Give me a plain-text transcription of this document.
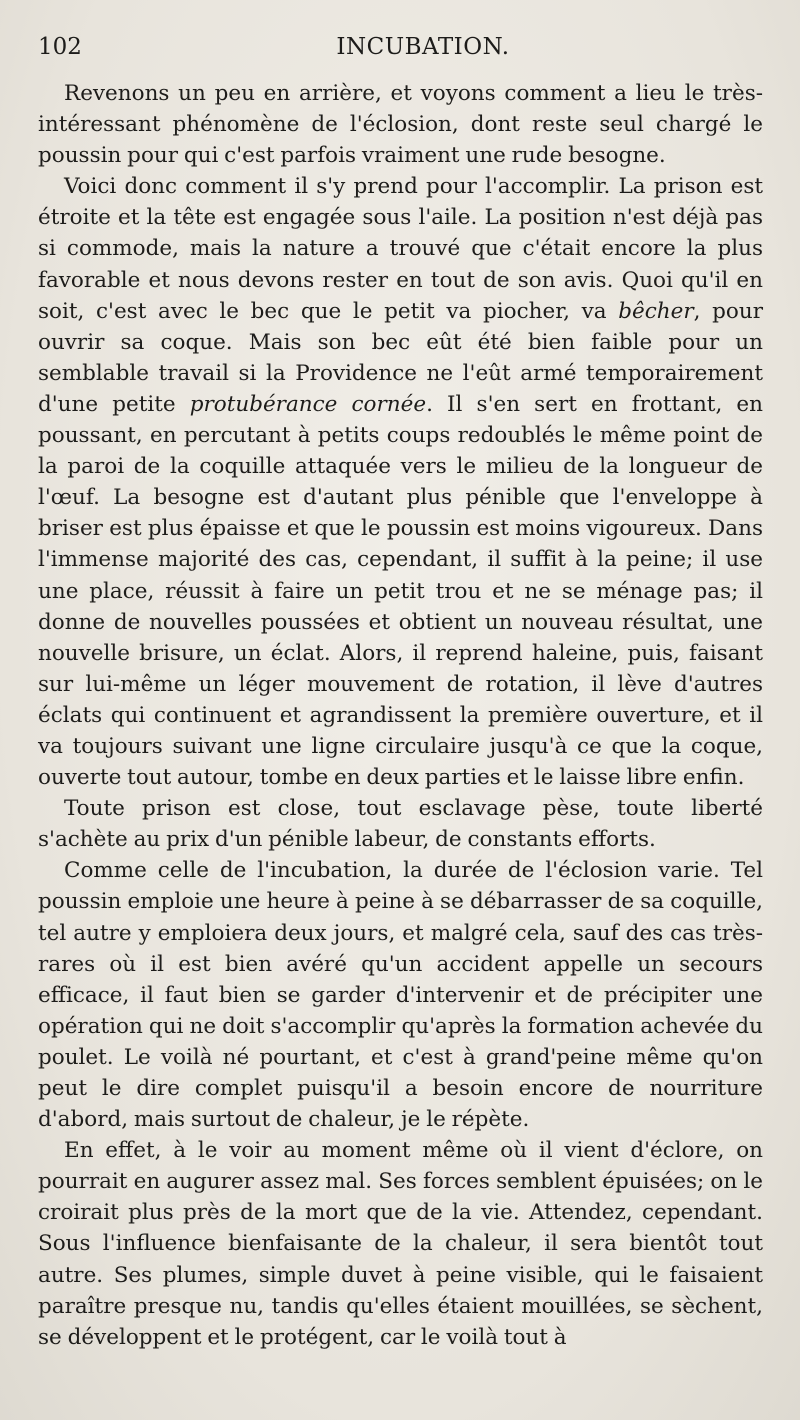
102	INCUBATION.

Revenons un peu en arrière, et voyons comment a lieu le très-intéressant phénomène de l'éclosion, dont reste seul chargé le poussin pour qui c'est parfois vraiment une rude besogne.

Voici donc comment il s'y prend pour l'accomplir. La prison est étroite et la tête est engagée sous l'aile. La position n'est déjà pas si commode, mais la nature a trouvé que c'était encore la plus favorable et nous devons rester en tout de son avis. Quoi qu'il en soit, c'est avec le bec que le petit va piocher, va bêcher, pour ouvrir sa coque. Mais son bec eût été bien faible pour un semblable travail si la Providence ne l'eût armé temporairement d'une petite protubérance cornée. Il s'en sert en frottant, en poussant, en percutant à petits coups redoublés le même point de la paroi de la coquille attaquée vers le milieu de la longueur de l'œuf. La besogne est d'autant plus pénible que l'enveloppe à briser est plus épaisse et que le poussin est moins vigoureux. Dans l'immense majorité des cas, cependant, il suffit à la peine; il use une place, réussit à faire un petit trou et ne se ménage pas; il donne de nouvelles poussées et obtient un nouveau résultat, une nouvelle brisure, un éclat. Alors, il reprend haleine, puis, faisant sur lui-même un léger mouvement de rotation, il lève d'autres éclats qui continuent et agrandissent la première ouverture, et il va toujours suivant une ligne circulaire jusqu'à ce que la coque, ouverte tout autour, tombe en deux parties et le laisse libre enfin.

Toute prison est close, tout esclavage pèse, toute liberté s'achète au prix d'un pénible labeur, de constants efforts.

Comme celle de l'incubation, la durée de l'éclosion varie. Tel poussin emploie une heure à peine à se débarrasser de sa coquille, tel autre y emploiera deux jours, et malgré cela, sauf des cas très-rares où il est bien avéré qu'un accident appelle un secours efficace, il faut bien se garder d'intervenir et de précipiter une opération qui ne doit s'accomplir qu'après la formation achevée du poulet. Le voilà né pourtant, et c'est à grand'peine même qu'on peut le dire complet puisqu'il a besoin encore de nourriture d'abord, mais surtout de chaleur, je le répète.

En effet, à le voir au moment même où il vient d'éclore, on pourrait en augurer assez mal. Ses forces semblent épuisées; on le croirait plus près de la mort que de la vie. Attendez, cependant. Sous l'influence bienfaisante de la chaleur, il sera bientôt tout autre. Ses plumes, simple duvet à peine visible, qui le faisaient paraître presque nu, tandis qu'elles étaient mouillées, se sèchent, se développent et le protégent, car le voilà tout à
